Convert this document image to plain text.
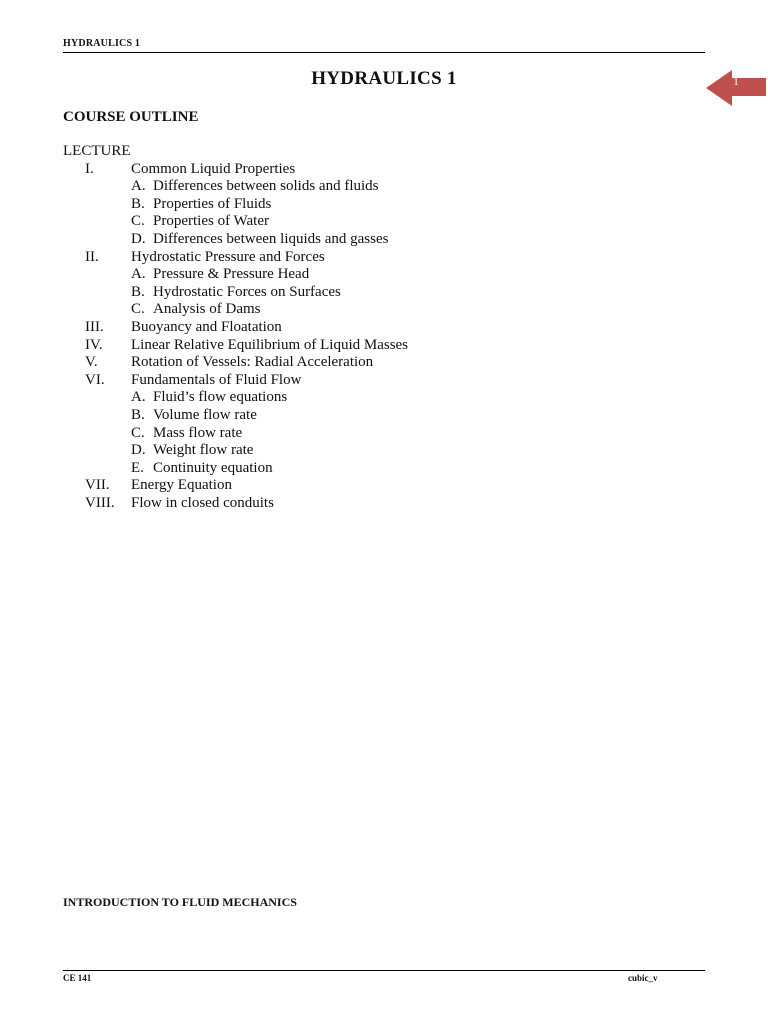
HYDRAULICS 1
1
HYDRAULICS 1
COURSE OUTLINE
LECTURE
I. Common Liquid Properties
A. Differences between solids and fluids
B. Properties of Fluids
C. Properties of Water
D. Differences between liquids and gasses
II. Hydrostatic Pressure and Forces
A. Pressure & Pressure Head
B. Hydrostatic Forces on Surfaces
C. Analysis of Dams
III. Buoyancy and Floatation
IV. Linear Relative Equilibrium of Liquid Masses
V. Rotation of Vessels: Radial Acceleration
VI. Fundamentals of Fluid Flow
A. Fluid’s flow equations
B. Volume flow rate
C. Mass flow rate
D. Weight flow rate
E. Continuity equation
VII. Energy Equation
VIII. Flow in closed conduits
INTRODUCTION TO FLUID MECHANICS
CE 141	cubic_v
